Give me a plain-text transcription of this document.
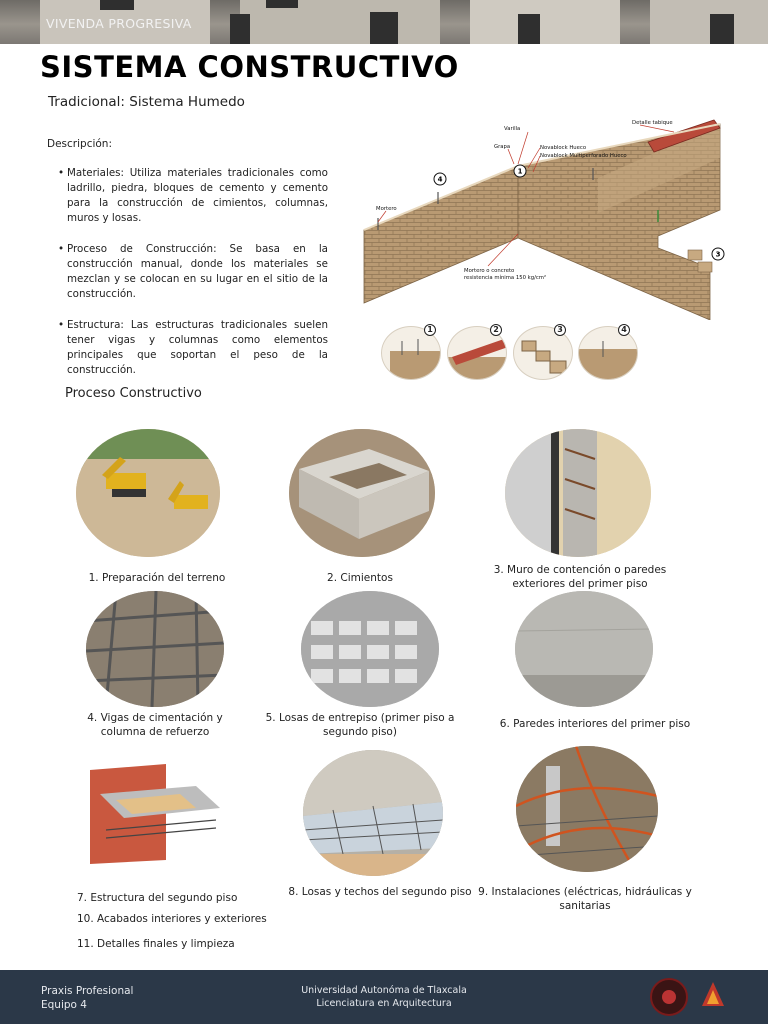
VIVENDA PROGRESIVA
SISTEMA CONSTRUCTIVO
Tradicional: Sistema Humedo
Descripción:
• Materiales: Utiliza materiales tradicionales como ladrillo, piedra, bloques de cemento y cemento para la construcción de cimientos, columnas, muros y losas.
• Proceso de Construcción: Se basa en la construcción manual, donde los materiales se mezclan y se colocan en su lugar en el sitio de la construcción.
• Estructura: Las estructuras tradicionales suelen tener vigas y columnas como elementos principales que soportan el peso de la construcción.
Detalle tabique
Varilla
Grapa	Novablock Hueco
Novablock Multiperforado Hueco
Mortero
Mortero o concreto
resistencia mínima 150 kg/cm²
1
4
3
1	2	3	4
Proceso Constructivo
1. Preparación del terreno	2. Cimientos
3. Muro de contención o paredes exteriores del primer piso
4. Vigas de cimentación y columna de refuerzo
5. Losas de entrepiso (primer piso a segundo piso)
6. Paredes interiores del primer piso
7. Estructura del segundo piso	8. Losas y techos del segundo piso 9. Instalaciones (eléctricas, hidráulicas y sanitarias
10. Acabados interiores y exteriores
11. Detalles finales y limpieza
Praxis Profesional
Equipo 4
Universidad Autonóma de Tlaxcala
Licenciatura en Arquitectura
